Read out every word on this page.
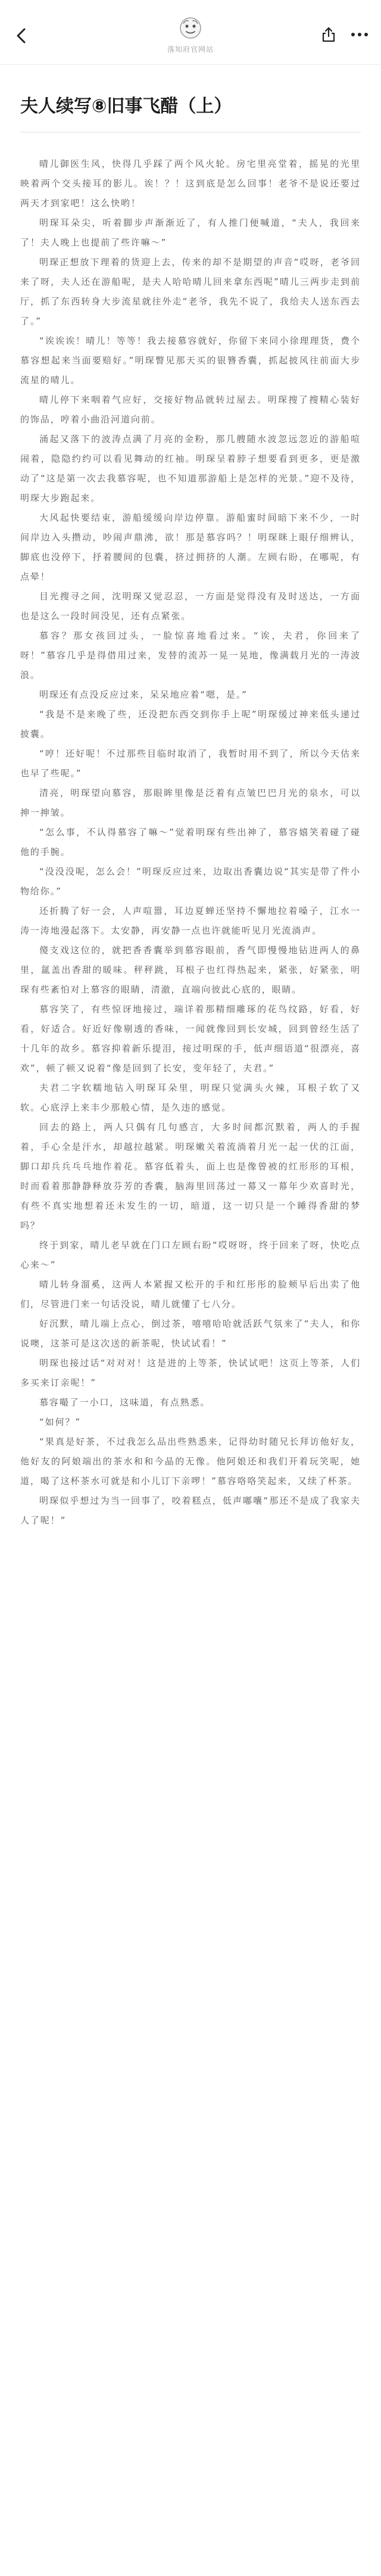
落知府官网站
夫人续写⑧旧事飞醋（上）

晴儿御医生风，快得几乎踩了两个风火轮。房宅里亮堂着，摇晃的光里映着两个交头接耳的影儿。诶！？！这到底是怎么回事！老爷不是说还要过两天才到家吧！这么快哟！

明琛耳朵尖，听着脚步声渐渐近了，有人推门便喊道，“夫人，我回来了！夫人晚上也提前了些许嘛～”

明琛正想放下理着的货迎上去，传来的却不是期望的声音“哎呀，老爷回来了呀，夫人还在游船呢，是夫人哈哈晴儿回来拿东西呢”晴儿三两步走到前厅，抓了东西转身大步流星就往外走“老爷，我先不说了，我给夫人送东西去了。”

“诶诶诶！晴儿！等等！我去接慕容就好，你留下来同小徐理理货，费个慕容想起来当面要赔好。”明琛瞥见那天买的银簪香囊，抓起披风往前面大步流星的晴儿。

晴儿停下来咽着气应好，交接好物品就转过屋去。明琛搜了搜精心装好的饰品，哼着小曲沿河道向前。

涌起又落下的波涛点满了月亮的金粉，那几艘随水波忽远忽近的游船喧闹着，隐隐约约可以看见舞动的红袖。明琛呈着脖子想要看到更多，更是激动了“这是第一次去我慕容呢，也不知道那游船上是怎样的光景。”迎不及待，明琛大步跑起来。

大风起快要结束，游船缓缓向岸边停靠。游船蜜时间暗下来不少，一时间岸边入头攒动，吵闹声鼎沸，欲！那是慕容吗？！明琛眯上眼仔细辨认，脚底也没停下，抒着腰间的包囊，挤过拥挤的人潮。左顾右盼，在哪呢，有点晕！

目光搜寻之间，沈明琛又觉忍忍，一方面是觉得没有及时送达，一方面也是这么一段时间没见，还有点紧张。

慕容？那女孩回过头，一脸惊喜地看过来。“诶，夫君，你回来了呀！”慕容几乎是得借用过来，发替的流苏一晃一晃地，像满载月光的一涛波浪。

明琛还有点没反应过来，呆呆地应着“嗯，是。”

“我是不是来晚了些，还没把东西交到你手上呢”明琛缓过神来低头递过披囊。

“哼！还好呢！不过那些目临时取消了，我暂时用不到了，所以今天估来也早了些呢。”

清亮，明琛望向慕容，那眼眸里像是泛着有点皱巴巴月光的泉水，可以抻一抻皱。

“怎么事，不认得慕容了嘛～”觉着明琛有些出神了，慕容嬉笑着碰了碰他的手腕。

“没没没呢，怎么会！”明琛反应过来，边取出香囊边说“其实是带了件小物给你。”

还折腾了好一会，人声喧嚣，耳边夏蝉还坚持不懈地拉着嗓子，江水一涛一涛地漫起落下。太安静，再安静一点也许就能听见月光流淌声。

傻支戏这位的，就把香香囊举到慕容眼前，香气即慢慢地钻进两人的鼻里，氲盖出香甜的暖味。秤秤跳，耳根子也红得热起来，紧张，好紧张，明琛有些紊怕对上慕容的眼睛，清澈，直端向彼此心底的，眼睛。

慕容笑了，有些惊讶地接过，端详着那精细雕琢的花鸟纹路，好看，好看，好适合。好近好像剔透的香味，一闻就像回到长安城，回到曾经生活了十几年的故乡。慕容抑着新乐提泪，接过明琛的手，低声细语道“很漂亮，喜欢”，顿了顿又说着“像是回到了长安，变年轻了，夫君。”

夫君二字软糯地钻入明琛耳朵里，明琛只觉满头火辣，耳根子软了又软。心底浮上来丰少那般心情，是久违的感觉。

回去的路上，两人只偶有几句感言，大多时间都沉默着，两人的手握着，手心全是汗水，却越拉越紧。明琛嫩关着流淌着月光一起一伏的江面，脚口却兵兵乓乓地作着花。慕容低着头，面上也是像曾被的红形形的耳根，时而看着那静静释放芬芳的香囊，脑海里回荡过一幕又一幕年少欢喜时光，有些不真实地想着还未发生的一切，暗道，这一切只是一个睡得香甜的梦吗？

终于到家，晴儿老早就在门口左顾右盼“哎呀呀，终于回来了呀，快吃点心来～”

晴儿转身溜奚，这两人本紧握又松开的手和红彤彤的脸颊早后出卖了他们，尽管进门来一句话没说，晴儿就懂了七八分。

好沉默，晴儿端上点心，倒过茶，嘻嘻哈哈就活跃气氛来了“夫人，和你说噢，这茶可是这次送的新茶呢，快试试看！”

明琛也接过话“对对对！这是进的上等茶，快试试吧！这页上等茶，人们多买来订亲呢！”

慕容嘬了一小口，这味道，有点熟悉。

“如何？”

“果真是好茶，不过我怎么品出些熟悉来，记得幼时随兄长拜访他好友，他好友的阿娘端出的茶水和和今晶的无像。他阿娘还和我们开着玩笑呢，她道，喝了这杯茶水可就是和小儿订下亲啰！”慕容咯咯笑起来，又续了杯茶。

明琛似乎想过为当一回事了，咬着糕点，低声嘟囔“那还不是成了我家夫人了呢！”
